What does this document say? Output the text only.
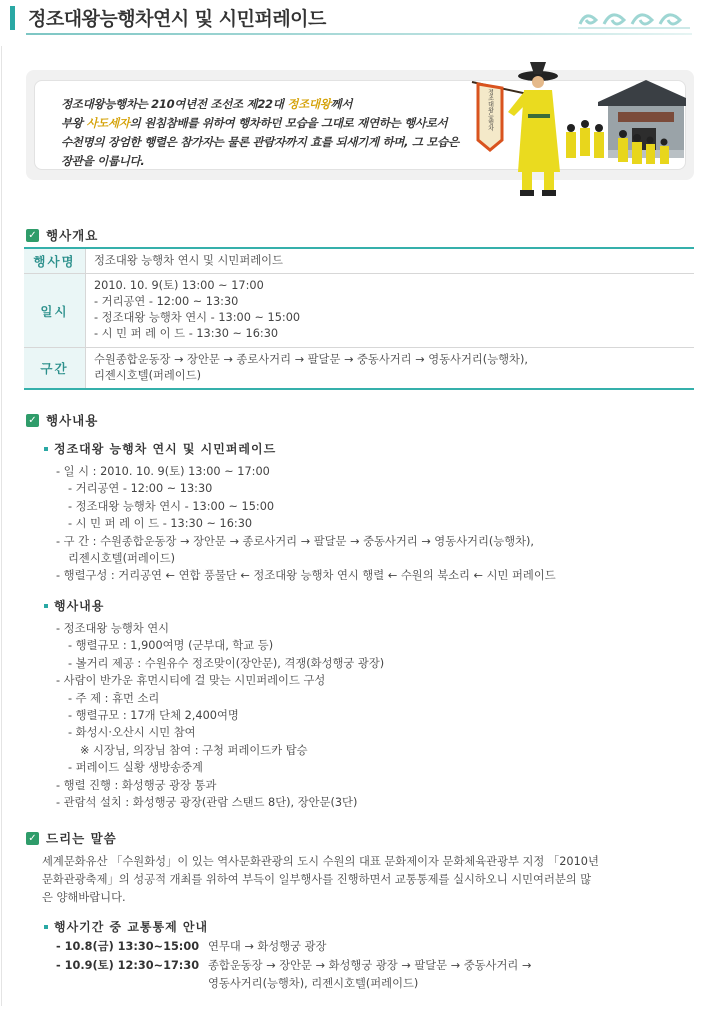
정조대왕능행차연시 및 시민퍼레이드
정조대왕능행차는 210여년전 조선조 제22대 정조대왕께서
부왕 사도세자의 원침참배를 위하여 행차하던 모습을 그대로 재연하는 행사로서
수천명의 장엄한 행렬은 참가자는 물론 관람자까지 효를 되새기게 하며, 그 모습은
장관을 이룹니다.
정조대왕능행차
✓ 행사개요
행사명	정조대왕 능행차 연시 및 시민퍼레이드
일시
2010. 10. 9(토) 13:00 ~ 17:00
- 거리공연 - 12:00 ~ 13:30
- 정조대왕 능행차 연시 - 13:00 ~ 15:00
- 시 민 퍼 레 이 드 - 13:30 ~ 16:30
구간
수원종합운동장 → 장안문 → 종로사거리 → 팔달문 → 중동사거리 → 영동사거리(능행차),
리젠시호텔(퍼레이드)
✓ 행사내용
정조대왕 능행차 연시 및 시민퍼레이드
- 일 시 : 2010. 10. 9(토) 13:00 ~ 17:00
- 거리공연 - 12:00 ~ 13:30
- 정조대왕 능행차 연시 - 13:00 ~ 15:00
- 시 민 퍼 레 이 드 - 13:30 ~ 16:30
- 구 간 : 수원종합운동장 → 장안문 → 종로사거리 → 팔달문 → 중동사거리 → 영동사거리(능행차),
리젠시호텔(퍼레이드)
- 행렬구성 : 거리공연 ← 연합 풍물단 ← 정조대왕 능행차 연시 행렬 ← 수원의 북소리 ← 시민 퍼레이드
행사내용
- 정조대왕 능행차 연시
- 행렬규모 : 1,900여명 (군부대, 학교 등)
- 볼거리 제공 : 수원유수 정조맞이(장안문), 격쟁(화성행궁 광장)
- 사람이 반가운 휴먼시티에 걸 맞는 시민퍼레이드 구성
- 주 제 : 휴먼 소리
- 행렬규모 : 17개 단체 2,400여명
- 화성시·오산시 시민 참여
※ 시장님, 의장님 참여 : 구청 퍼레이드카 탑승
- 퍼레이드 실황 생방송중계
- 행렬 진행 : 화성행궁 광장 통과
- 관람석 설치 : 화성행궁 광장(관람 스탠드 8단), 장안문(3단)
✓ 드리는 말씀
세계문화유산 「수원화성」이 있는 역사문화관광의 도시 수원의 대표 문화제이자 문화체육관광부 지정 「2010년
문화관광축제」의 성공적 개최를 위하여 부득이 일부행사를 진행하면서 교통통제를 실시하오니 시민여러분의 많
은 양해바랍니다.
행사기간 중 교통통제 안내
- 10.8(금) 13:30~15:00 연무대 → 화성행궁 광장
- 10.9(토) 12:30~17:30 종합운동장 → 장안문 → 화성행궁 광장 → 팔달문 → 중동사거리 →
영동사거리(능행차), 리젠시호텔(퍼레이드)
